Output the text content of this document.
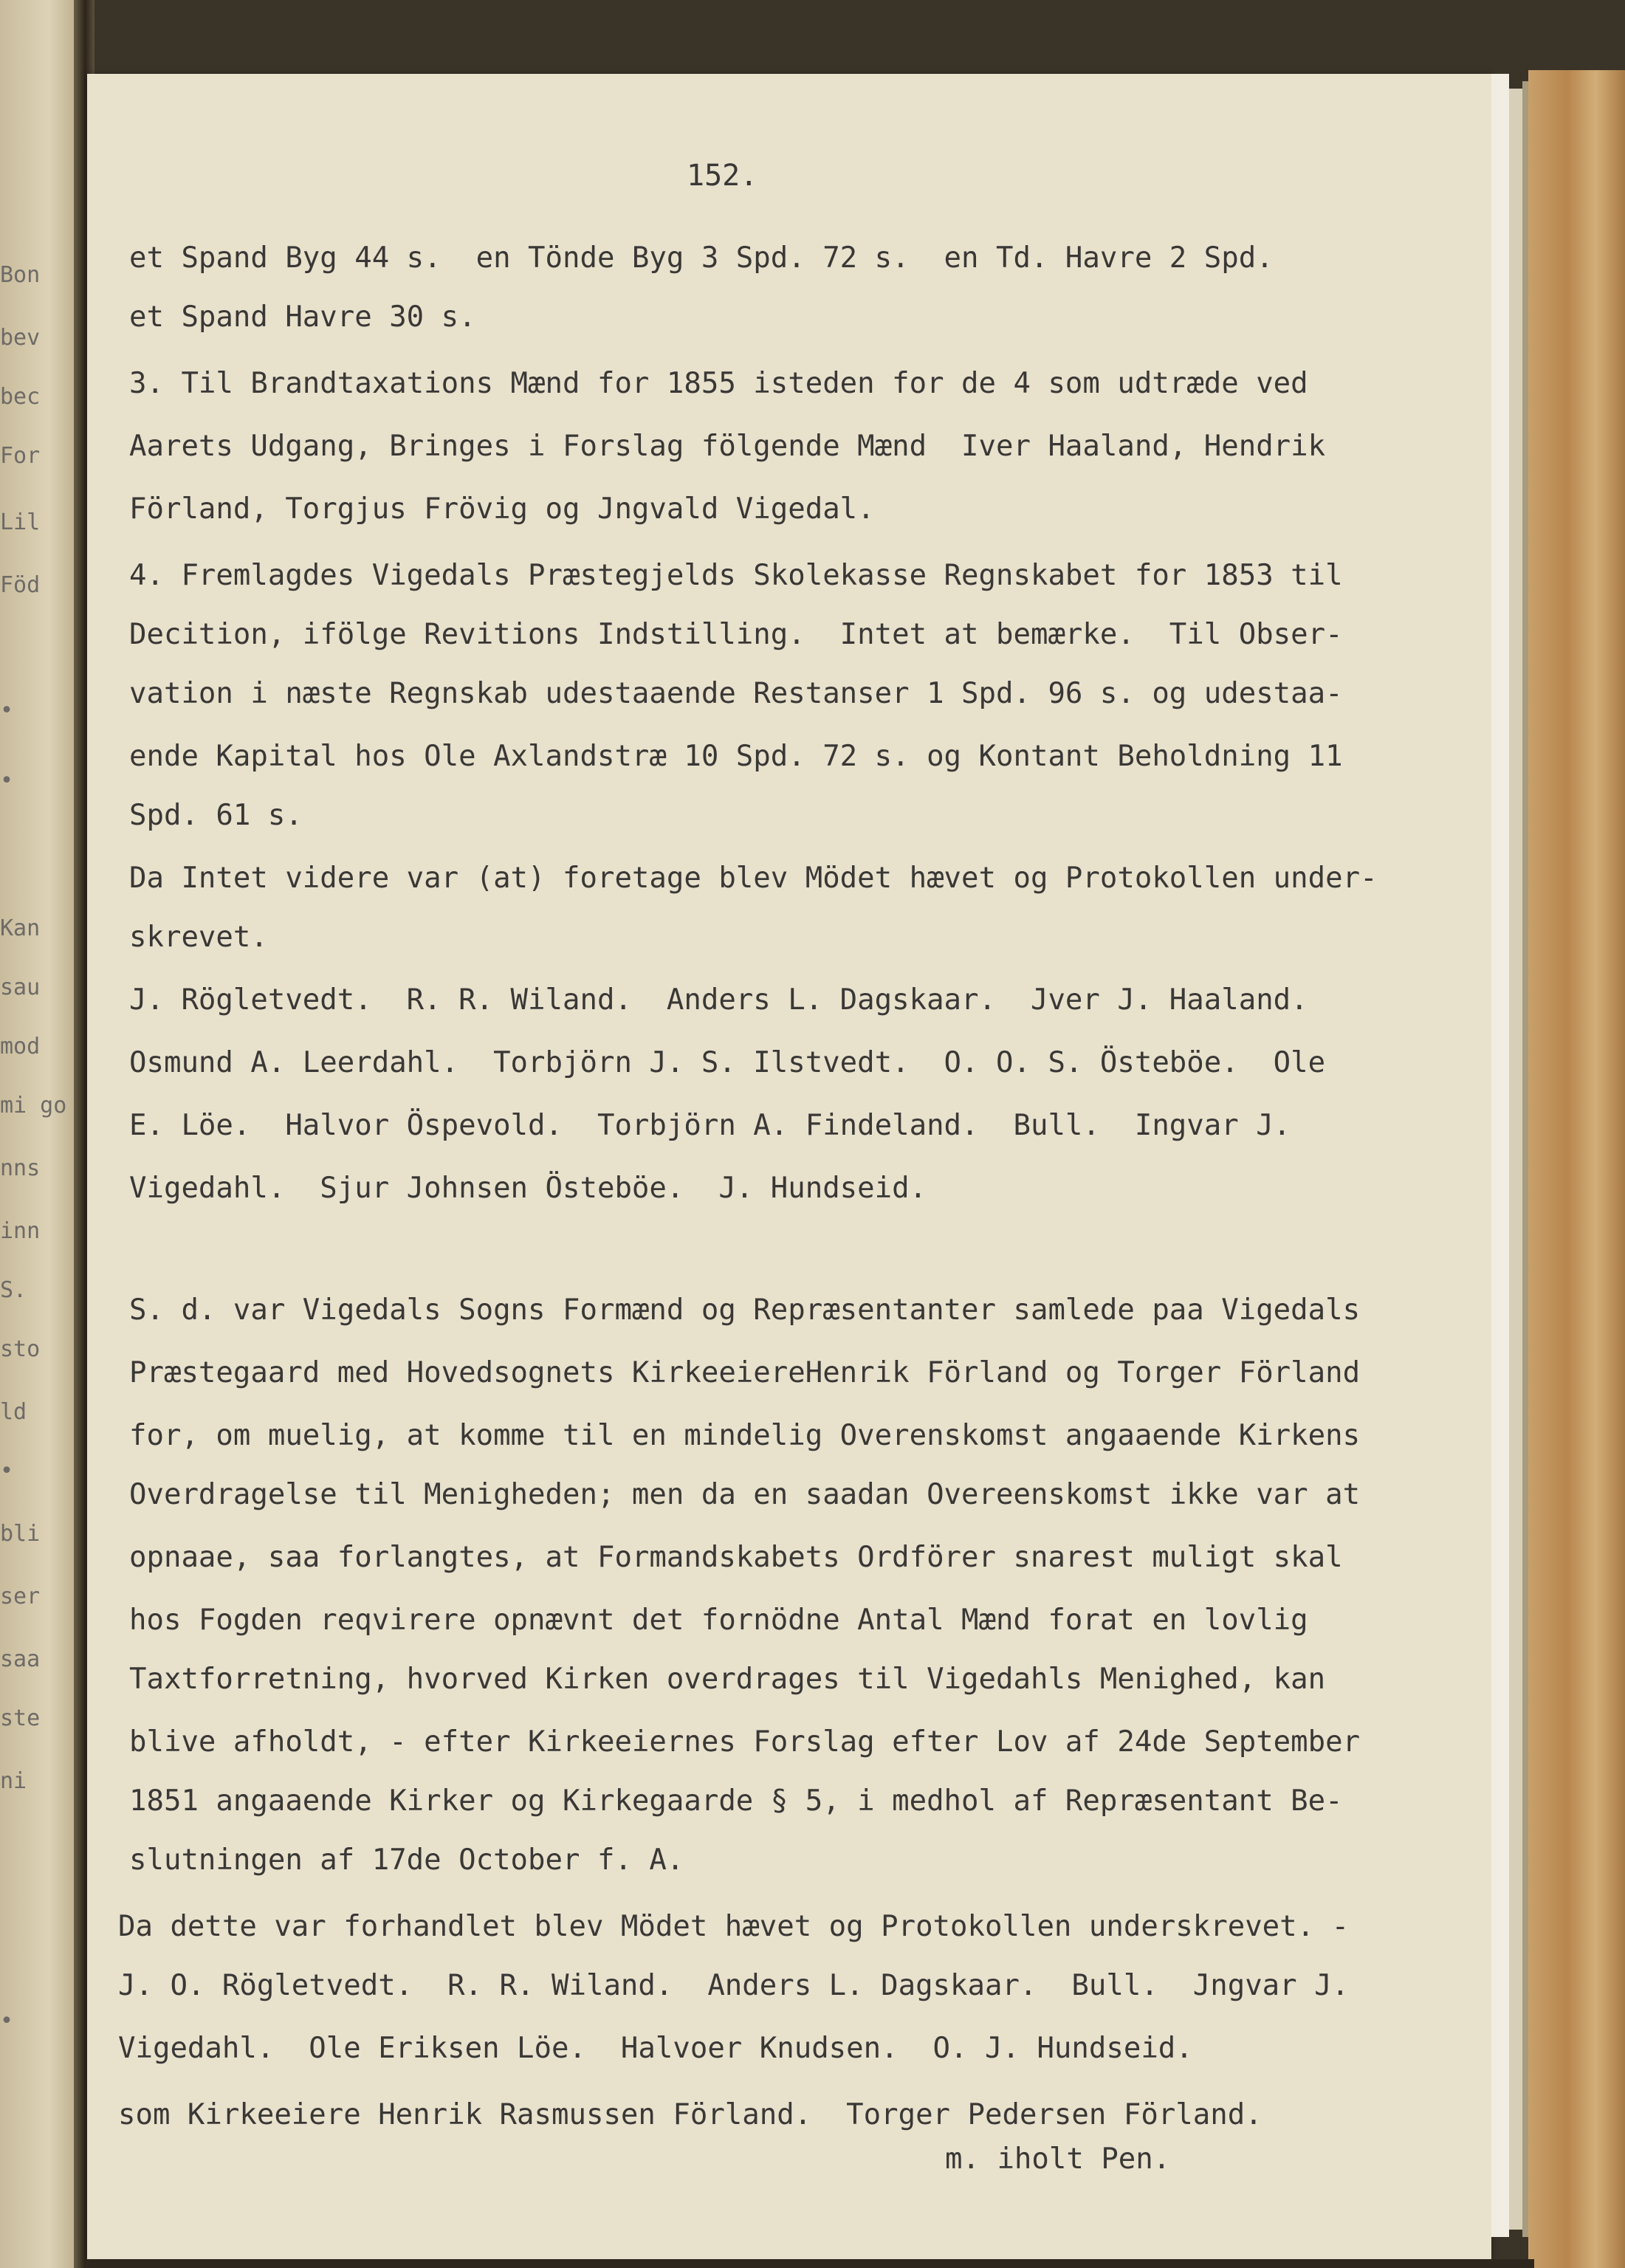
Bon
bev
bec
For
Lil
Föd
•
•
Kan
sau
mod
mi go
nns
inn
S.
sto
ld
•
bli
ser
saa
ste
ni
•
152.
et Spand Byg 44 s.  en Tönde Byg 3 Spd. 72 s.  en Td. Havre 2 Spd.
et Spand Havre 30 s.
3. Til Brandtaxations Mænd for 1855 isteden for de 4 som udtræde ved
Aarets Udgang, Bringes i Forslag fölgende Mænd  Iver Haaland, Hendrik
Förland, Torgjus Frövig og Jngvald Vigedal.
4. Fremlagdes Vigedals Præstegjelds Skolekasse Regnskabet for 1853 til
Decition, ifölge Revitions Indstilling.  Intet at bemærke.  Til Obser-
vation i næste Regnskab udestaaende Restanser 1 Spd. 96 s. og udestaa-
ende Kapital hos Ole Axlandstræ 10 Spd. 72 s. og Kontant Beholdning 11
Spd. 61 s.
Da Intet videre var (at) foretage blev Mödet hævet og Protokollen under-
skrevet.
J. Rögletvedt.  R. R. Wiland.  Anders L. Dagskaar.  Jver J. Haaland.
Osmund A. Leerdahl.  Torbjörn J. S. Ilstvedt.  O. O. S. Östeböe.  Ole
E. Löe.  Halvor Öspevold.  Torbjörn A. Findeland.  Bull.  Ingvar J.
Vigedahl.  Sjur Johnsen Östeböe.  J. Hundseid.
S. d. var Vigedals Sogns Formænd og Repræsentanter samlede paa Vigedals
Præstegaard med Hovedsognets KirkeeiereHenrik Förland og Torger Förland
for, om muelig, at komme til en mindelig Overenskomst angaaende Kirkens
Overdragelse til Menigheden; men da en saadan Overeenskomst ikke var at
opnaae, saa forlangtes, at Formandskabets Ordförer snarest muligt skal
hos Fogden reqvirere opnævnt det fornödne Antal Mænd forat en lovlig
Taxtforretning, hvorved Kirken overdrages til Vigedahls Menighed, kan
blive afholdt, - efter Kirkeeiernes Forslag efter Lov af 24de September
1851 angaaende Kirker og Kirkegaarde § 5, i medhol af Repræsentant Be-
slutningen af 17de October f. A.
Da dette var forhandlet blev Mödet hævet og Protokollen underskrevet. -
J. O. Rögletvedt.  R. R. Wiland.  Anders L. Dagskaar.  Bull.  Jngvar J.
Vigedahl.  Ole Eriksen Löe.  Halvoer Knudsen.  O. J. Hundseid.
som Kirkeeiere Henrik Rasmussen Förland.  Torger Pedersen Förland.
m. iholt Pen.
